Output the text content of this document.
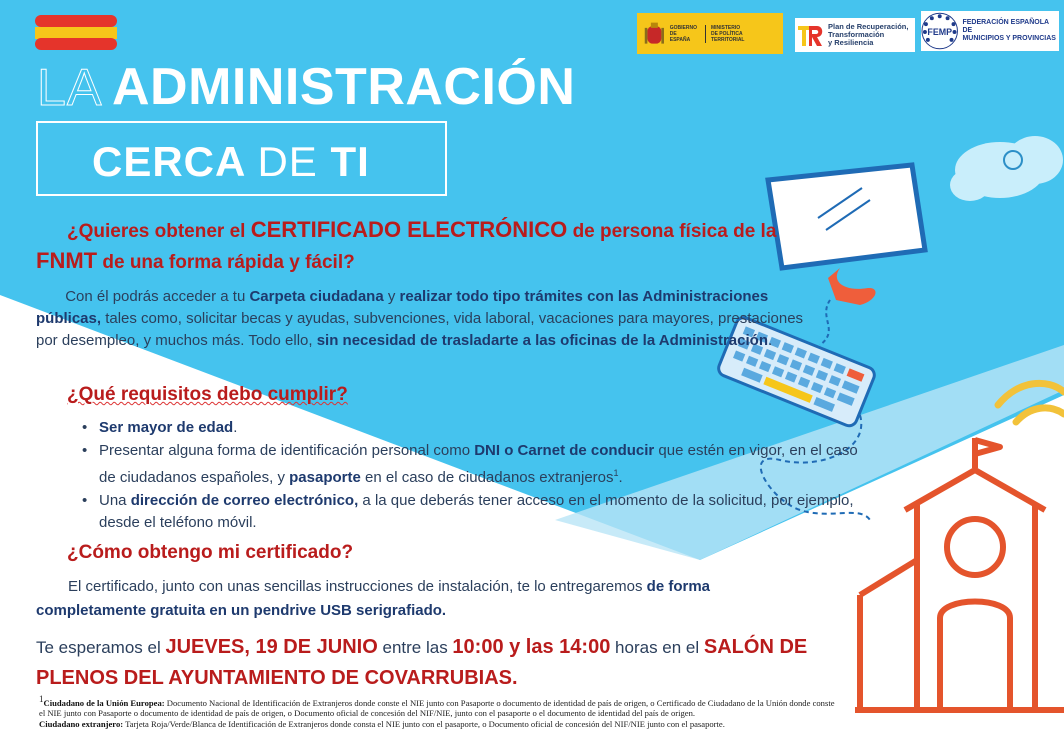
GOBIERNO
DE ESPAÑA
MINISTERIO
DE POLÍTICA TERRITORIAL
Plan de Recuperación,
Transformación
y Resiliencia
FEMP
FEDERACIÓN ESPAÑOLA DE
MUNICIPIOS Y PROVINCIAS
LA ADMINISTRACIÓN
CERCA DE TI
¿Quieres obtener el CERTIFICADO ELECTRÓNICO de persona física de la
FNMT de una forma rápida y fácil?
Con él podrás acceder a tu Carpeta ciudadana y realizar todo tipo trámites con las Administraciones públicas, tales como, solicitar becas y ayudas, subvenciones, vida laboral, vacaciones para mayores, prestaciones por desempleo, y muchos más. Todo ello, sin necesidad de trasladarte a las oficinas de la Administración.
¿Qué requisitos debo cumplir?
• Ser mayor de edad.
• Presentar alguna forma de identificación personal como DNI o Carnet de conducir que estén en vigor, en el caso de ciudadanos españoles, y pasaporte en el caso de ciudadanos extranjeros$^1$.
• Una dirección de correo electrónico, a la que deberás tener acceso en el momento de la solicitud, por ejemplo, desde el teléfono móvil.
¿Cómo obtengo mi certificado?
El certificado, junto con unas sencillas instrucciones de instalación, te lo entregaremos de forma completamente gratuita en un pendrive USB serigrafiado.
Te esperamos el JUEVES, 19 DE JUNIO entre las 10:00 y las 14:00 horas en el SALÓN DE PLENOS DEL AYUNTAMIENTO DE COVARRUBIAS.
$^1$Ciudadano de la Unión Europea: Documento Nacional de Identificación de Extranjeros donde conste el NIE junto con Pasaporte o documento de identidad de país de origen, o Certificado de Ciudadano de la Unión donde conste el NIE junto con Pasaporte o documento de identidad de país de origen, o Documento oficial de concesión del NIF/NIE, junto con el pasaporte o el documento de identidad del país de origen.
Ciudadano extranjero: Tarjeta Roja/Verde/Blanca de Identificación de Extranjeros donde consta el NIE junto con el pasaporte, o Documento oficial de concesión del NIF/NIE junto con el pasaporte.
